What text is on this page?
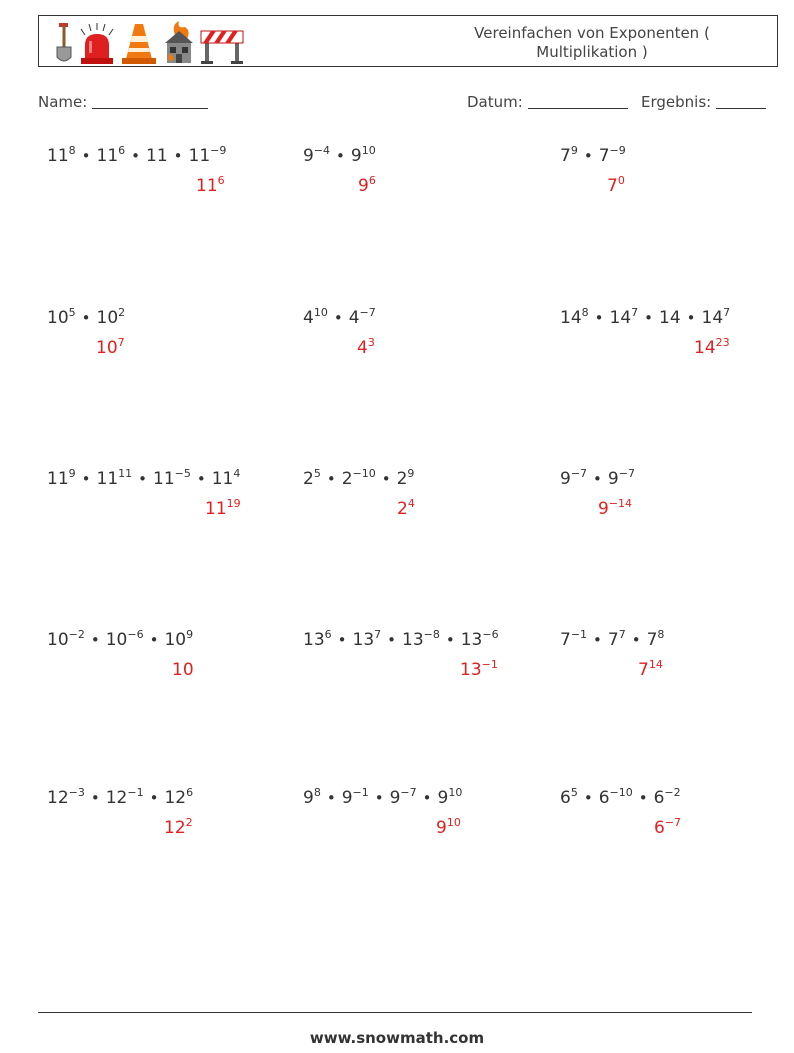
Vereinfachen von Exponenten ( Multiplikation )
Name:	Datum:	Ergebnis:
$11^8$ • $11^6$ • 11 • $11^{-9}$
$11^6$
$9^{-4}$ • $9^{10}$
$9^6$
$7^9$ • $7^{-9}$
$7^0$
$10^5$ • $10^2$
$10^7$
$4^{10}$ • $4^{-7}$
$4^3$
$14^8$ • $14^7$ • 14 • $14^7$
$14^{23}$
$11^9$ • $11^{11}$ • $11^{-5}$ • $11^4$
$11^{19}$
$2^5$ • $2^{-10}$ • $2^9$
$2^4$
$9^{-7}$ • $9^{-7}$
$9^{-14}$
$10^{-2}$ • $10^{-6}$ • $10^9$
10
$13^6$ • $13^7$ • $13^{-8}$ • $13^{-6}$
$13^{-1}$
$7^{-1}$ • $7^7$ • $7^8$
$7^{14}$
$12^{-3}$ • $12^{-1}$ • $12^6$
$12^2$
$9^8$ • $9^{-1}$ • $9^{-7}$ • $9^{10}$
$9^{10}$
$6^5$ • $6^{-10}$ • $6^{-2}$
$6^{-7}$
www.snowmath.com
